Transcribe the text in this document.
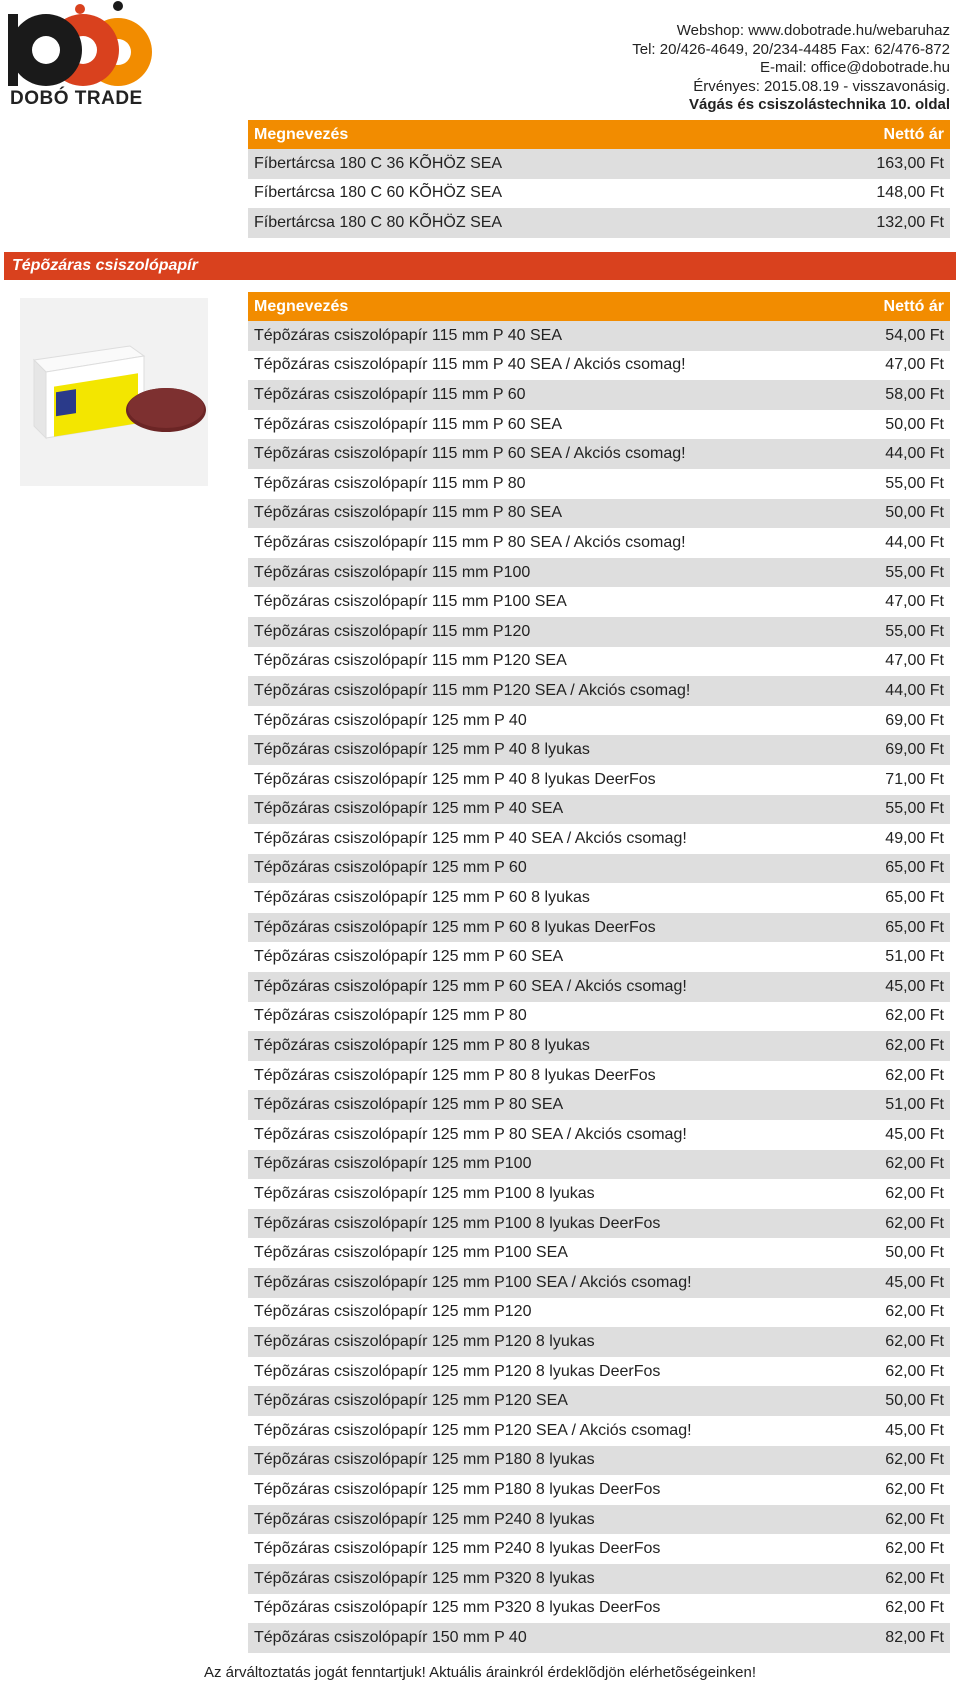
DOBÓ TRADE
Webshop: www.dobotrade.hu/webaruhaz
Tel: 20/426-4649, 20/234-4485 Fax: 62/476-872
E-mail: office@dobotrade.hu
Érvényes: 2015.08.19 - visszavonásig.
Vágás és csiszolástechnika 10. oldal
Megnevezés	Nettó ár
Fíbertárcsa 180 C 36 KÕHÖZ SEA	163,00 Ft
Fíbertárcsa 180 C 60 KÕHÖZ SEA	148,00 Ft
Fíbertárcsa 180 C 80 KÕHÖZ SEA	132,00 Ft
Tépõzáras csiszolópapír
Megnevezés	Nettó ár
Tépõzáras csiszolópapír 115 mm P 40 SEA	54,00 Ft
Tépõzáras csiszolópapír 115 mm P 40 SEA / Akciós csomag!	47,00 Ft
Tépõzáras csiszolópapír 115 mm P 60	58,00 Ft
Tépõzáras csiszolópapír 115 mm P 60 SEA	50,00 Ft
Tépõzáras csiszolópapír 115 mm P 60 SEA / Akciós csomag!	44,00 Ft
Tépõzáras csiszolópapír 115 mm P 80	55,00 Ft
Tépõzáras csiszolópapír 115 mm P 80 SEA	50,00 Ft
Tépõzáras csiszolópapír 115 mm P 80 SEA / Akciós csomag!	44,00 Ft
Tépõzáras csiszolópapír 115 mm P100	55,00 Ft
Tépõzáras csiszolópapír 115 mm P100 SEA	47,00 Ft
Tépõzáras csiszolópapír 115 mm P120	55,00 Ft
Tépõzáras csiszolópapír 115 mm P120 SEA	47,00 Ft
Tépõzáras csiszolópapír 115 mm P120 SEA / Akciós csomag!	44,00 Ft
Tépõzáras csiszolópapír 125 mm P 40	69,00 Ft
Tépõzáras csiszolópapír 125 mm P 40 8 lyukas	69,00 Ft
Tépõzáras csiszolópapír 125 mm P 40 8 lyukas DeerFos	71,00 Ft
Tépõzáras csiszolópapír 125 mm P 40 SEA	55,00 Ft
Tépõzáras csiszolópapír 125 mm P 40 SEA / Akciós csomag!	49,00 Ft
Tépõzáras csiszolópapír 125 mm P 60	65,00 Ft
Tépõzáras csiszolópapír 125 mm P 60 8 lyukas	65,00 Ft
Tépõzáras csiszolópapír 125 mm P 60 8 lyukas DeerFos	65,00 Ft
Tépõzáras csiszolópapír 125 mm P 60 SEA	51,00 Ft
Tépõzáras csiszolópapír 125 mm P 60 SEA / Akciós csomag!	45,00 Ft
Tépõzáras csiszolópapír 125 mm P 80	62,00 Ft
Tépõzáras csiszolópapír 125 mm P 80 8 lyukas	62,00 Ft
Tépõzáras csiszolópapír 125 mm P 80 8 lyukas DeerFos	62,00 Ft
Tépõzáras csiszolópapír 125 mm P 80 SEA	51,00 Ft
Tépõzáras csiszolópapír 125 mm P 80 SEA / Akciós csomag!	45,00 Ft
Tépõzáras csiszolópapír 125 mm P100	62,00 Ft
Tépõzáras csiszolópapír 125 mm P100 8 lyukas	62,00 Ft
Tépõzáras csiszolópapír 125 mm P100 8 lyukas DeerFos	62,00 Ft
Tépõzáras csiszolópapír 125 mm P100 SEA	50,00 Ft
Tépõzáras csiszolópapír 125 mm P100 SEA / Akciós csomag!	45,00 Ft
Tépõzáras csiszolópapír 125 mm P120	62,00 Ft
Tépõzáras csiszolópapír 125 mm P120 8 lyukas	62,00 Ft
Tépõzáras csiszolópapír 125 mm P120 8 lyukas DeerFos	62,00 Ft
Tépõzáras csiszolópapír 125 mm P120 SEA	50,00 Ft
Tépõzáras csiszolópapír 125 mm P120 SEA / Akciós csomag!	45,00 Ft
Tépõzáras csiszolópapír 125 mm P180 8 lyukas	62,00 Ft
Tépõzáras csiszolópapír 125 mm P180 8 lyukas DeerFos	62,00 Ft
Tépõzáras csiszolópapír 125 mm P240 8 lyukas	62,00 Ft
Tépõzáras csiszolópapír 125 mm P240 8 lyukas DeerFos	62,00 Ft
Tépõzáras csiszolópapír 125 mm P320 8 lyukas	62,00 Ft
Tépõzáras csiszolópapír 125 mm P320 8 lyukas DeerFos	62,00 Ft
Tépõzáras csiszolópapír 150 mm P 40	82,00 Ft
Az árváltoztatás jogát fenntartjuk! Aktuális árainkról érdeklõdjön elérhetõségeinken!
